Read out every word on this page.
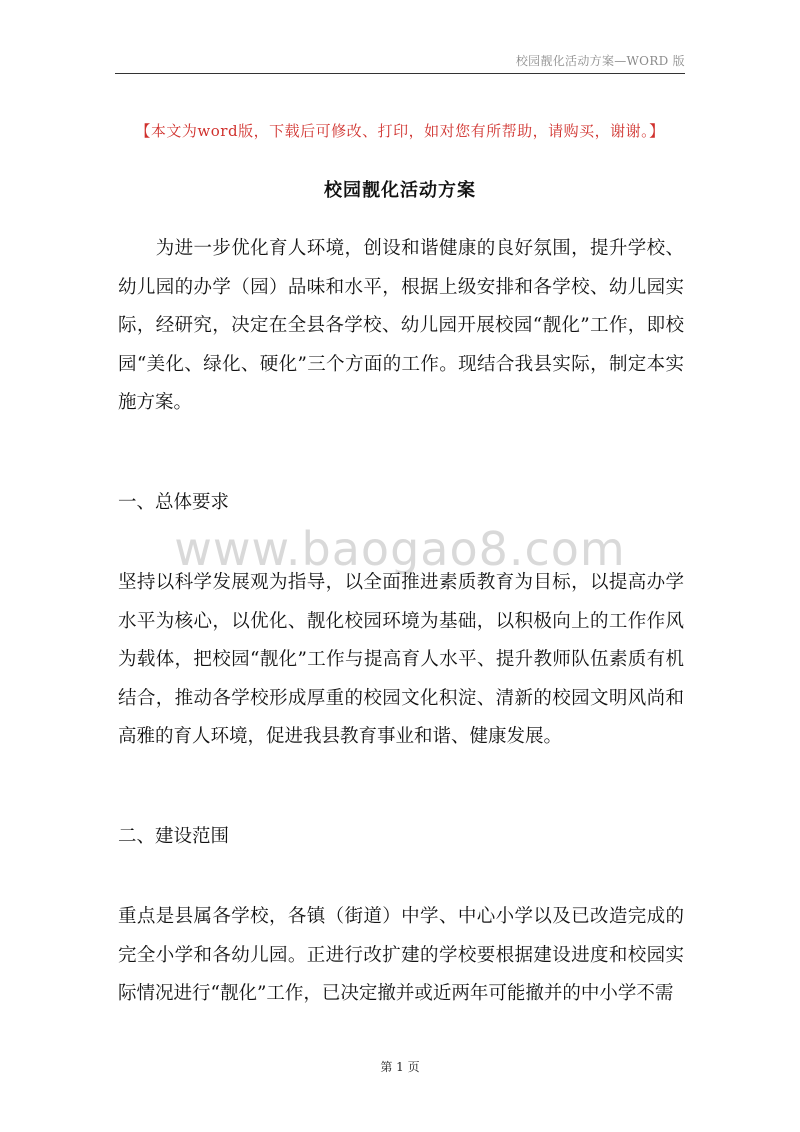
校园靓化活动方案—WORD 版
【本文为word版，下载后可修改、打印，如对您有所帮助，请购买，谢谢。】
校园靓化活动方案

　　为进一步优化育人环境，创设和谐健康的良好氛围，提升学校、幼儿园的办学（园）品味和水平，根据上级安排和各学校、幼儿园实际，经研究，决定在全县各学校、幼儿园开展校园“靓化”工作，即校园“美化、绿化、硬化”三个方面的工作。现结合我县实际，制定本实施方案。

一、总体要求

www.baogao8.com

坚持以科学发展观为指导，以全面推进素质教育为目标，以提高办学水平为核心，以优化、靓化校园环境为基础，以积极向上的工作作风为载体，把校园“靓化”工作与提高育人水平、提升教师队伍素质有机结合，推动各学校形成厚重的校园文化积淀、清新的校园文明风尚和高雅的育人环境，促进我县教育事业和谐、健康发展。

二、建设范围

重点是县属各学校，各镇（街道）中学、中心小学以及已改造完成的完全小学和各幼儿园。正进行改扩建的学校要根据建设进度和校园实际情况进行“靓化”工作，已决定撤并或近两年可能撤并的中小学不需

第 1 页
